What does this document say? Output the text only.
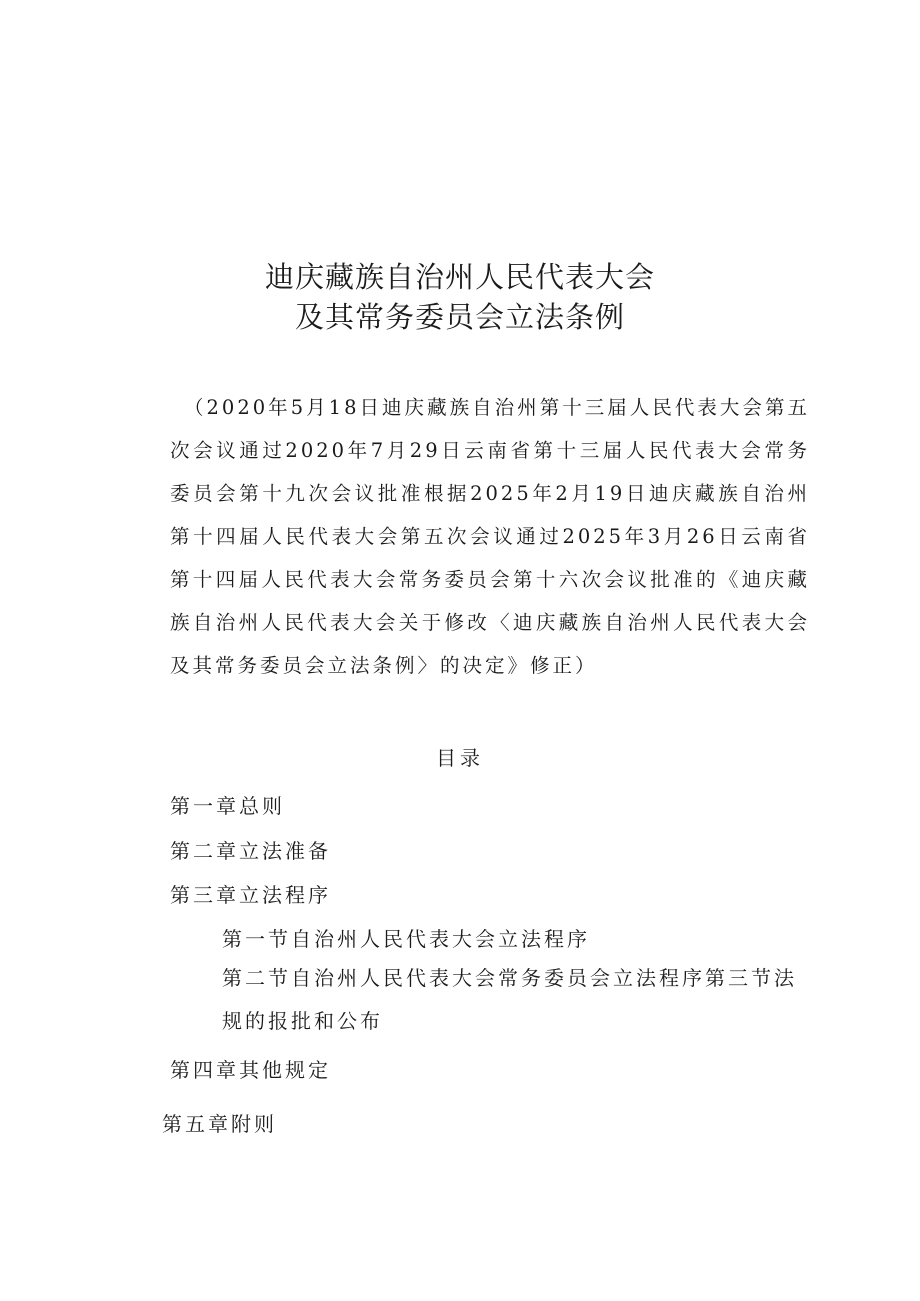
迪庆藏族自治州人民代表大会
及其常务委员会立法条例
（2020年5月18日迪庆藏族自治州第十三届人民代表大会第五次会议通过2020年7月29日云南省第十三届人民代表大会常务委员会第十九次会议批准根据2025年2月19日迪庆藏族自治州第十四届人民代表大会第五次会议通过2025年3月26日云南省第十四届人民代表大会常务委员会第十六次会议批准的《迪庆藏族自治州人民代表大会关于修改〈迪庆藏族自治州人民代表大会及其常务委员会立法条例〉的决定》修正）
目录
第一章总则
第二章立法准备
第三章立法程序
第一节自治州人民代表大会立法程序
第二节自治州人民代表大会常务委员会立法程序第三节法规的报批和公布
第四章其他规定
第五章附则
